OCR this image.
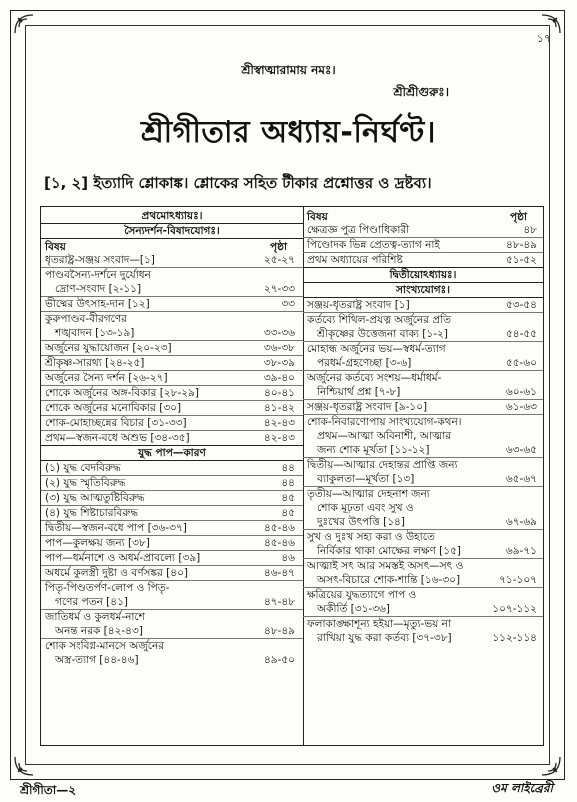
১৭
শ্রীস্বাত্মারামায় নমঃ।
শ্রীশ্রীগুরুঃ।
শ্রীগীতার অধ্যায়-নির্ঘণ্ট।
[১, ২] ইত্যাদি শ্লোকাঙ্ক। শ্লোকের সহিত টীকার প্রশ্নোত্তর ও দ্রষ্টব্য।
প্রথমোঽধ্যায়ঃ।
সৈন্যদর্শন-বিষাদযোগঃ।
বিষয়	পৃষ্ঠা
ধৃতরাষ্ট্র-সঞ্জয় সংবাদ—[১]	২৫-২৭
পাণ্ডবসৈন্য-দর্শনে দুর্যোধন
দ্রোণ-সংবাদ [২-১১]	২৭-৩৩
ভীষ্মের উৎসাহ-দান [১২]	৩৩
কুরুপাণ্ডব-বীরগণের
শঙ্খবাদন [১৩-১৯]	৩৩-৩৬
অর্জুনের যুদ্ধায়োজন [২০-২৩]	৩৬-৩৮
শ্রীকৃষ্ণ-সারথ্য [২৪-২৫]	৩৮-৩৯
অর্জুনের সৈন্য দর্শন [২৬-২৭]	৩৯-৪০
শোকে অর্জুনের অঙ্গ-বিকার [২৮-২৯]	৪০-৪১
শোকে অর্জুনের মনোবিকার [৩০]	৪১-৪২
শোক-মোহাচ্ছন্নের বিচার [৩১-৩৩]	৪২-৪৩
প্রথম—স্বজন-বধে অশুভ [৩৪-৩৫]	৪২-৪৩
যুদ্ধ পাপ—কারণ
(১) যুদ্ধ বেদবিরুদ্ধ	৪৪
(২) যুদ্ধ স্মৃতিবিরুদ্ধ	৪৪
(৩) যুদ্ধ আত্মতুষ্টিবিরুদ্ধ	৪৫
(৪) যুদ্ধ শিষ্টাচারবিরুদ্ধ	৪৫
দ্বিতীয়—স্বজন-বধে পাপ [৩৬-৩৭]	৪৫-৪৬
পাপ—কুলক্ষয় জন্য [৩৮]	৪৫-৪৬
পাপ—ধর্মনাশে ও অধর্ম-প্রাবল্যে [৩৯]	৪৬
অধর্মে কুলস্ত্রী দুষ্টা ও বর্ণসঙ্কর [৪০]	৪৬-৪৭
পিতৃ-পিণ্ডতর্পণ-লোপ ও পিতৃ-
গণের পতন [৪১]	৪৭-৪৮
জাতিধর্ম ও কুলধর্ম-নাশে
অনন্ত নরক [৪২-৪৩]	৪৮-৪৯
শোক সংবিগ্ন-মানসে অর্জুনের
অস্ত্র-ত্যাগ [৪৪-৪৬]	৪৯-৫০
বিষয়	পৃষ্ঠা
ক্ষেত্রজ্ঞ পুত্র পিণ্ডাধিকারী	৪৮
পিণ্ডোদক ভিন্ন প্রেতত্ব-ত্যাগ নাই	৪৮-৪৯
প্রথম অধ্যায়ের পরিশিষ্ট	৫১-৫২
দ্বিতীয়োঽধ্যায়ঃ।
সাংখ্যযোগঃ।
সঞ্জয়-ধৃতরাষ্ট্র সংবাদ [১]	৫৩-৫৪
কর্তব্যে শিথিল-প্রযত্ন অর্জুনের প্রতি
শ্রীকৃষ্ণের উত্তেজনা বাক্য [১-২]	৫৪-৫৫
মোহান্ধ অর্জুনের ভয়—স্বধর্ম-ত্যাগ
পরধর্ম-গ্রহণেচ্ছা [৩-৬]	৫৫-৬০
অর্জুনের কর্তব্যে সংশয়—ধর্মাধর্ম-
নিশ্চিয়ার্থ প্রশ্ন [৭-৮]	৬০-৬১
সঞ্জয়-ধৃতরাষ্ট্র সংবাদ [৯-১০]	৬১-৬৩
শোক-নিবারণোপায় সাংখ্যযোগ-কথন।
প্রথম—আত্মা অবিনাশী, আত্মার
জন্য শোক মূর্খতা [১১-১২]	৬৩-৬৫
দ্বিতীয়—আত্মার দেহান্তর প্রাপ্তি জন্য
ব্যাকুলতা—মূর্খতা [১৩]	৬৫-৬৭
তৃতীয়—আত্মার দেহনাশ জন্য
শোক মূঢ়তা এবং সুখ ও
দুঃখের উৎপত্তি [১৪]	৬৭-৬৯
সুখ ও দুঃখ সহ্য করা ও উহাতে
নির্বিকার থাকা মোক্ষের লক্ষণ [১৫]	৬৯-৭১
আত্মাই সৎ আর সমস্তই অসৎ—সৎ ও
অসৎ-বিচারে শোক-শান্তি [১৬-৩০]	৭১-১০৭
ক্ষত্রিয়ের যুদ্ধত্যাগে পাপ ও
অকীর্তি [৩১-৩৬]	১০৭-১১২
ফলাকাঙ্ক্ষাশূন্য হইয়া—মৃত্যু-ভয় না
রাখিয়া যুদ্ধ করা কর্তব্য [৩৭-৩৮]	১১২-১১৪
শ্রীগীতা—২	ওম লাইব্রেরী
